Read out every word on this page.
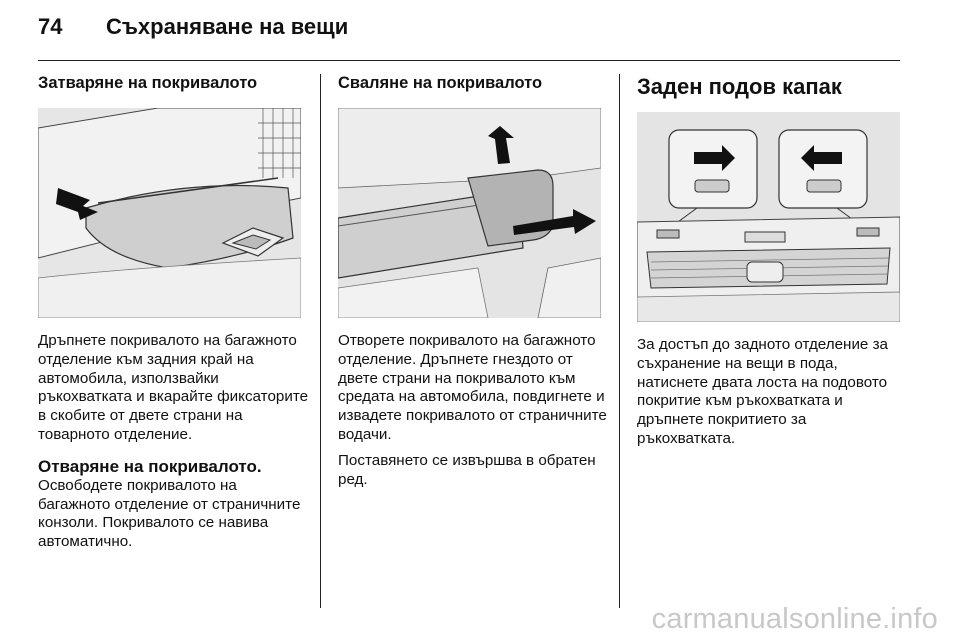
74	Съхраняване на вещи
Затваряне на покривалото

Дръпнете покривалото на багажното отделение към задния край на автомобила, използвайки ръкохватката и вкарайте фиксаторите в скобите от двете страни на товарното отделение.

Отваряне на покривалото.

Освободете покривалото на багажното отделение от страничните конзоли. Покривалото се навива автоматично.

Сваляне на покривалото

Отворете покривалото на багажното отделение. Дръпнете гнездото от двете страни на покривалото към средата на автомобила, повдигнете и извадете покривалото от страничните водачи.

Поставянето се извършва в обратен ред.

Заден подов капак

За достъп до задното отделение за съхранение на вещи в пода, натиснете двата лоста на подовото покритие към ръкохватката и дръпнете покритието за ръкохватката.

carmanualsonline.info
